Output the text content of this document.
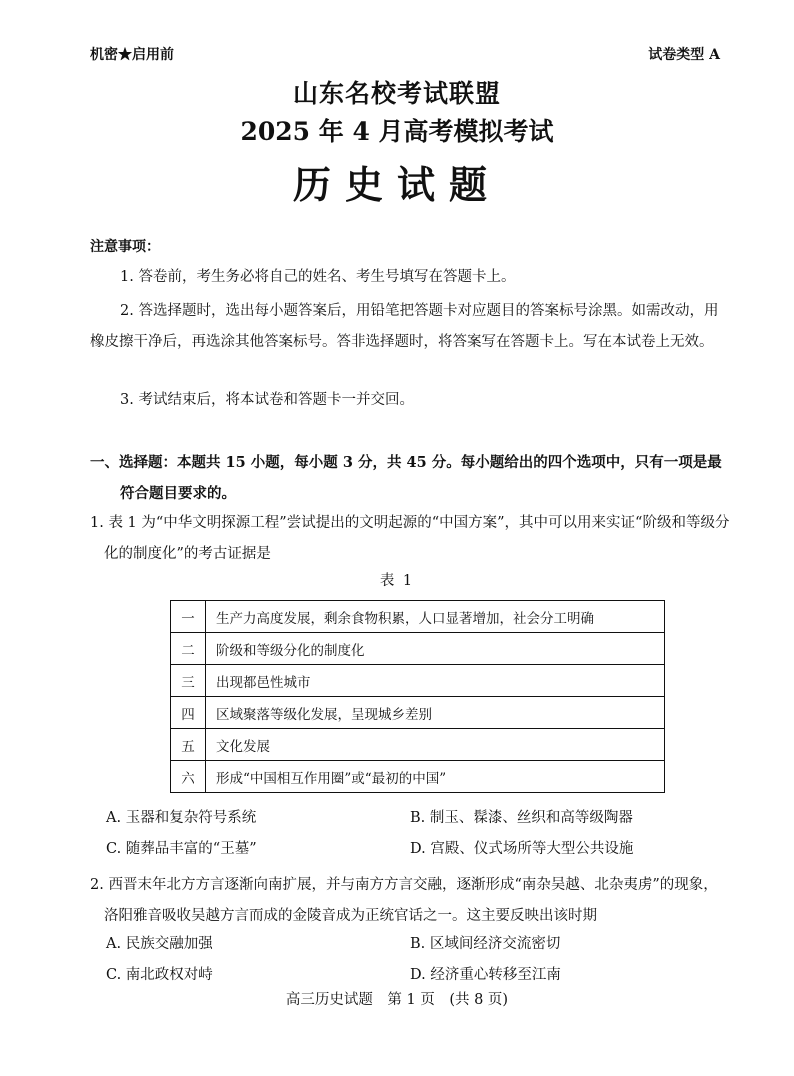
机密★启用前	试卷类型 A
山东名校考试联盟
2025 年 4 月高考模拟考试
历史试题
注意事项：
1. 答卷前，考生务必将自己的姓名、考生号填写在答题卡上。
2. 答选择题时，选出每小题答案后，用铅笔把答题卡对应题目的答案标号涂黑。如需改动，用橡皮擦干净后，再选涂其他答案标号。答非选择题时，将答案写在答题卡上。写在本试卷上无效。
3. 考试结束后，将本试卷和答题卡一并交回。
一、选择题：本题共 15 小题，每小题 3 分，共 45 分。每小题给出的四个选项中，只有一项是最符合题目要求的。
1. 表 1 为“中华文明探源工程”尝试提出的文明起源的“中国方案”，其中可以用来实证“阶级和等级分化的制度化”的考古证据是
表 1
一	生产力高度发展，剩余食物积累，人口显著增加，社会分工明确
二	阶级和等级分化的制度化
三	出现都邑性城市
四	区域聚落等级化发展，呈现城乡差别
五	文化发展
六	形成“中国相互作用圈”或“最初的中国”
A. 玉器和复杂符号系统	B. 制玉、髹漆、丝织和高等级陶器
C. 随葬品丰富的“王墓”	D. 宫殿、仪式场所等大型公共设施
2. 西晋末年北方方言逐渐向南扩展，并与南方方言交融，逐渐形成“南杂吴越、北杂夷虏”的现象，洛阳雅音吸收吴越方言而成的金陵音成为正统官话之一。这主要反映出该时期
A. 民族交融加强	B. 区域间经济交流密切
C. 南北政权对峙	D. 经济重心转移至江南
高三历史试题　第 1 页　(共 8 页)
